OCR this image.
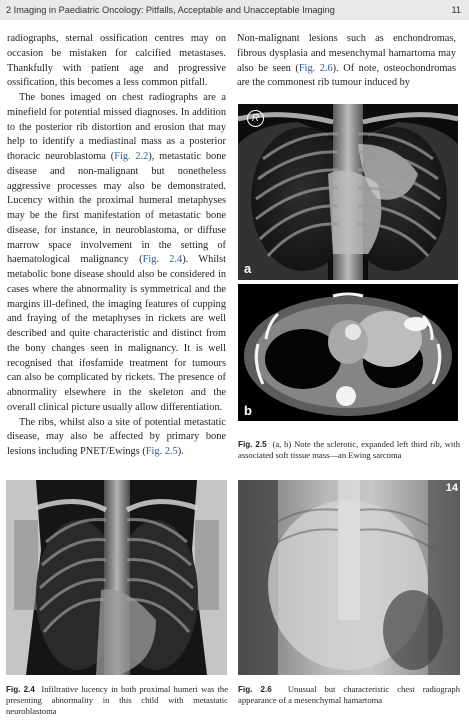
2 Imaging in Paediatric Oncology: Pitfalls, Acceptable and Unacceptable Imaging	11

radiographs, sternal ossification centres may on occasion be mistaken for calcified metastases. Thankfully with patient age and progressive ossification, this becomes a less common pitfall.

The bones imaged on chest radiographs are a minefield for potential missed diagnoses. In addition to the posterior rib distortion and erosion that may help to identify a mediastinal mass as a posterior thoracic neuroblastoma (Fig. 2.2), metastatic bone disease and non-malignant but nonetheless aggressive processes may also be demonstrated. Lucency within the proximal humeral metaphyses may be the first manifestation of metastatic bone disease, for instance, in neuroblastoma, or diffuse marrow space involvement in the setting of haematological malignancy (Fig. 2.4). Whilst metabolic bone disease should also be considered in cases where the abnormality is symmetrical and the margins ill-defined, the imaging features of cupping and fraying of the metaphyses in rickets are well described and quite characteristic and distinct from the bony changes seen in malignancy. It is well recognised that ifosfamide treatment for tumours can also be complicated by rickets. The presence of abnormality elsewhere in the skeleton and the overall clinical picture usually allow differentiation.

The ribs, whilst also a site of potential metastatic disease, may also be affected by primary bone lesions including PNET/Ewings (Fig. 2.5).

Non-malignant lesions such as enchondromas, fibrous dysplasia and mesenchymal hamartoma may also be seen (Fig. 2.6). Of note, osteochondromas are the commonest rib tumour induced by

R
a
b
Fig. 2.5 (a, b) Note the sclerotic, expanded left third rib, with associated soft tissue mass—an Ewing sarcoma
Fig. 2.4 Infiltrative lucency in both proximal humeri was the presenting abnormality in this child with metastatic neuroblastoma
14
Fig. 2.6 Unusual but characteristic chest radiograph appearance of a mesenchymal hamartoma
